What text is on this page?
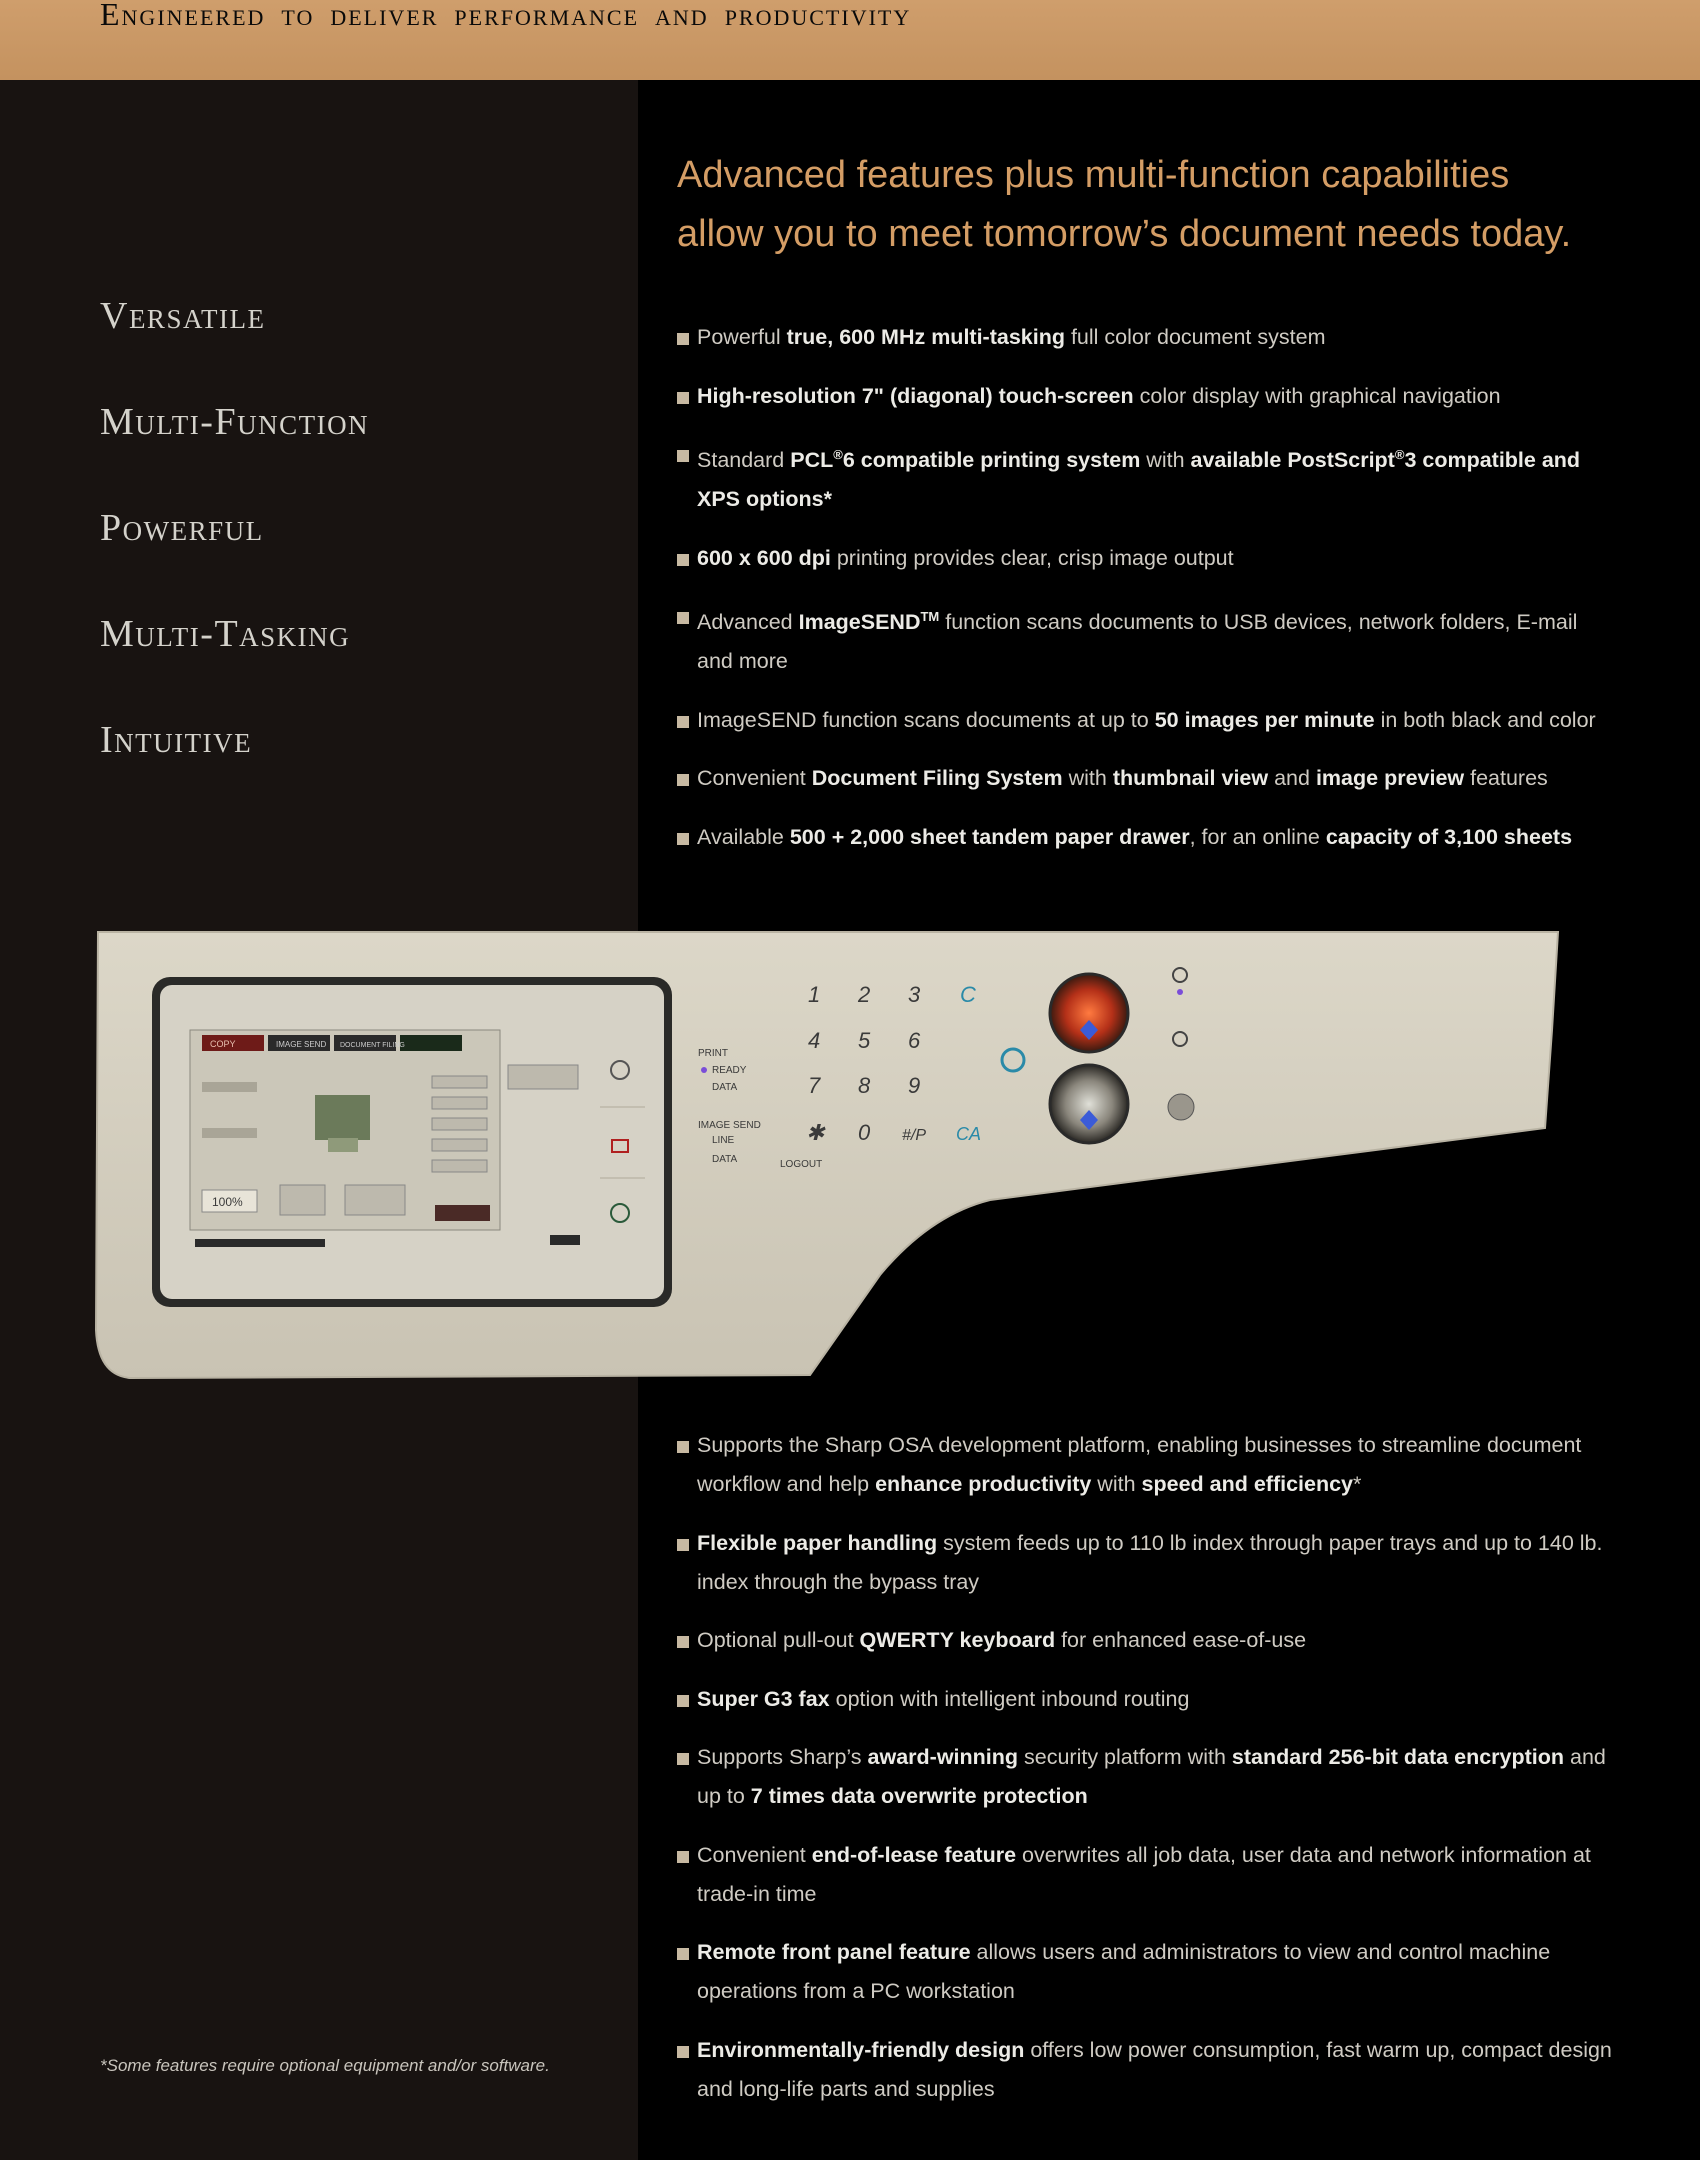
Engineered to deliver performance and productivity
Versatile
Multi-Function
Powerful
Multi-Tasking
Intuitive
Advanced features plus multi-function capabilities
allow you to meet tomorrow’s document needs today.
Powerful true, 600 MHz multi-tasking full color document system
High-resolution 7" (diagonal) touch-screen color display with graphical navigation
Standard PCL®6 compatible printing system with available PostScript®3 compatible and XPS options*
600 x 600 dpi printing provides clear, crisp image output
Advanced ImageSEND™ function scans documents to USB devices, network folders, E-mail and more
ImageSEND function scans documents at up to 50 images per minute in both black and color
Convenient Document Filing System with thumbnail view and image preview features
Available 500 + 2,000 sheet tandem paper drawer, for an online capacity of 3,100 sheets
COPY	IMAGE SEND DOCUMENT FILING
100%
PRINT
READY
DATA
IMAGE SEND
LINE
DATA	LOGOUT
1 2 3 C
4 5 6
7 8 9
✱ 0 #/P CA
Supports the Sharp OSA development platform, enabling businesses to streamline document workflow and help enhance productivity with speed and efficiency*
Flexible paper handling system feeds up to 110 lb index through paper trays and up to 140 lb. index through the bypass tray
Optional pull-out QWERTY keyboard for enhanced ease-of-use
Super G3 fax option with intelligent inbound routing
Supports Sharp’s award-winning security platform with standard 256-bit data encryption and up to 7 times data overwrite protection
Convenient end-of-lease feature overwrites all job data, user data and network information at trade-in time
Remote front panel feature allows users and administrators to view and control machine operations from a PC workstation
Environmentally-friendly design offers low power consumption, fast warm up, compact design and long-life parts and supplies
*Some features require optional equipment and/or software.
